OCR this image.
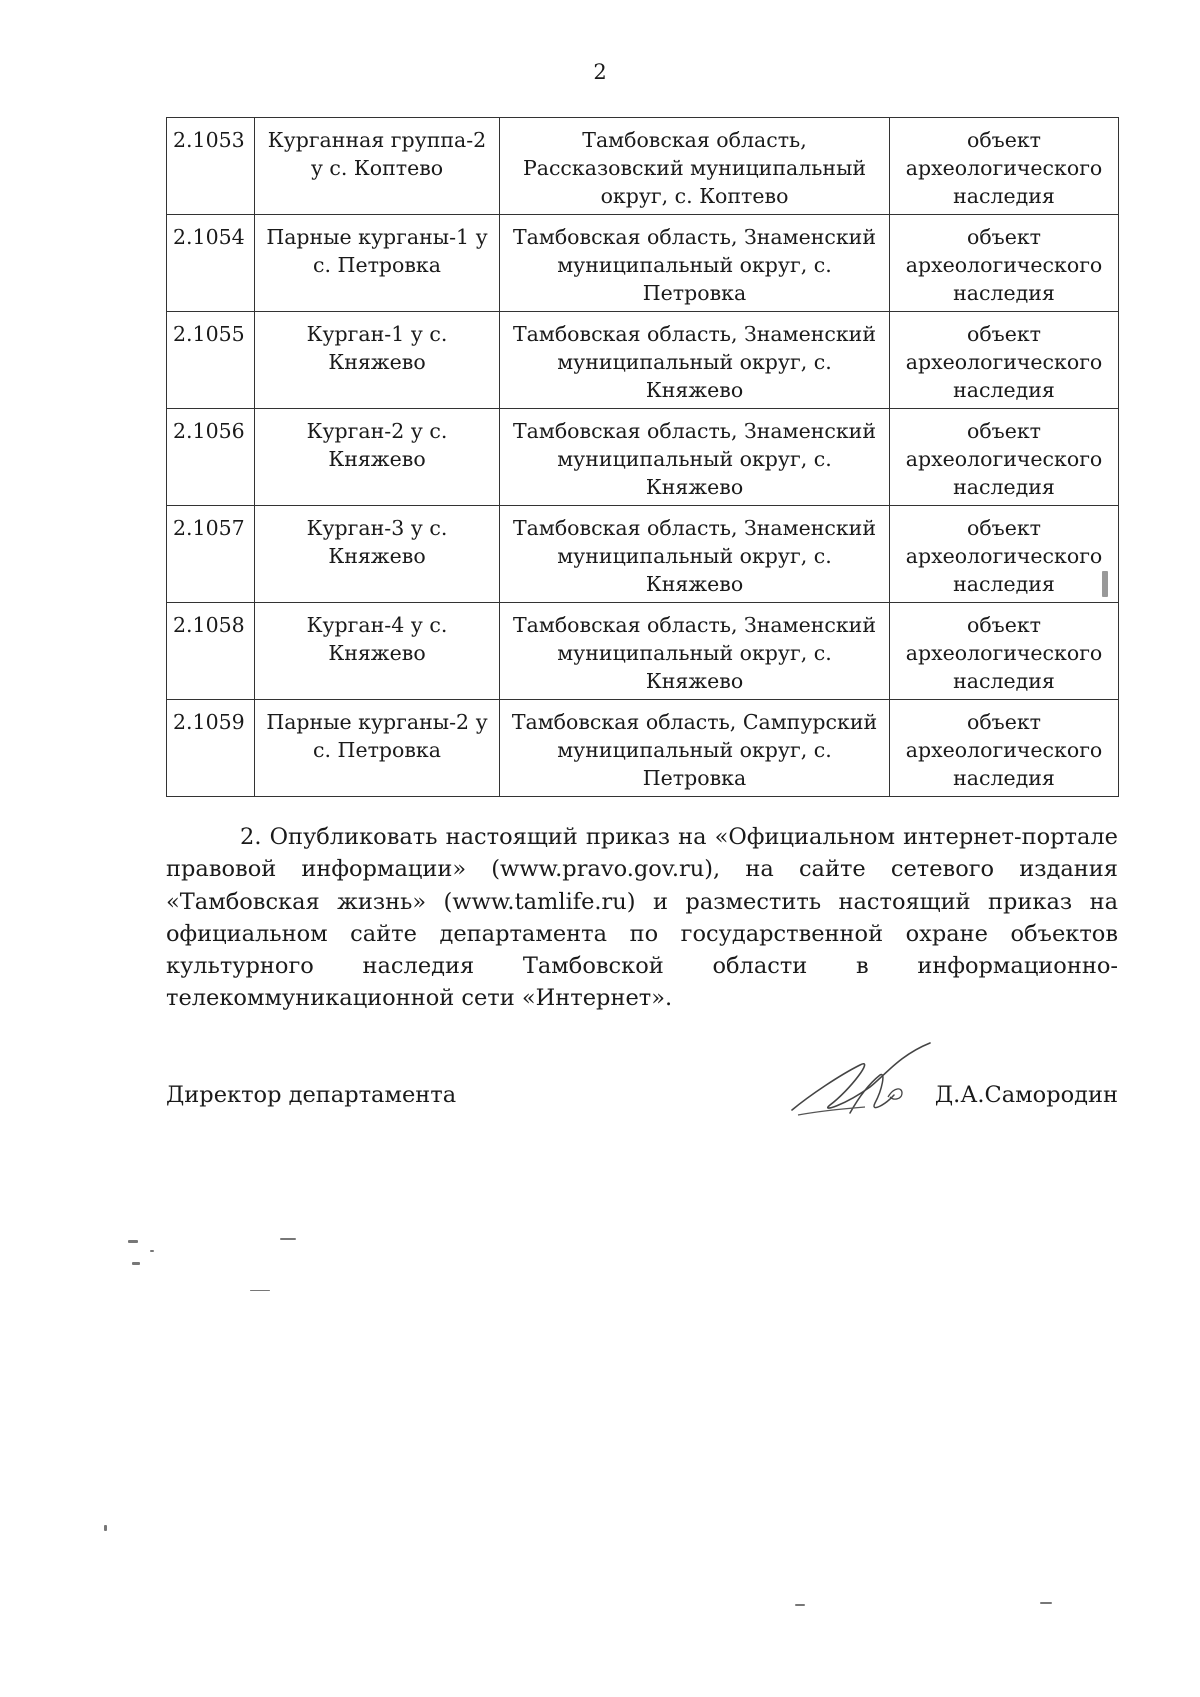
2
2.1053	Курганная группа-2 у с. Коптево	Тамбовская область, Рассказовский муниципальный округ, с. Коптево	объект археологического наследия
2.1054	Парные курганы-1 у с. Петровка	Тамбовская область, Знаменский муниципальный округ, с. Петровка	объект археологического наследия
2.1055	Курган-1 у с. Княжево	Тамбовская область, Знаменский муниципальный округ, с. Княжево	объект археологического наследия
2.1056	Курган-2 у с. Княжево	Тамбовская область, Знаменский муниципальный округ, с. Княжево	объект археологического наследия
2.1057	Курган-3 у с. Княжево	Тамбовская область, Знаменский муниципальный округ, с. Княжево	объект археологического наследия
2.1058	Курган-4 у с. Княжево	Тамбовская область, Знаменский муниципальный округ, с. Княжево	объект археологического наследия
2.1059	Парные курганы-2 у с. Петровка	Тамбовская область, Сампурский муниципальный округ, с. Петровка	объект археологического наследия

2. Опубликовать настоящий приказ на «Официальном интернет-портале правовой информации» (www.pravo.gov.ru), на сайте сетевого издания «Тамбовская жизнь» (www.tamlife.ru) и разместить настоящий приказ на официальном сайте департамента по государственной охране объектов культурного наследия Тамбовской области в информационно-телекоммуникационной сети «Интернет».

Директор департамента	Д.А.Самородин
